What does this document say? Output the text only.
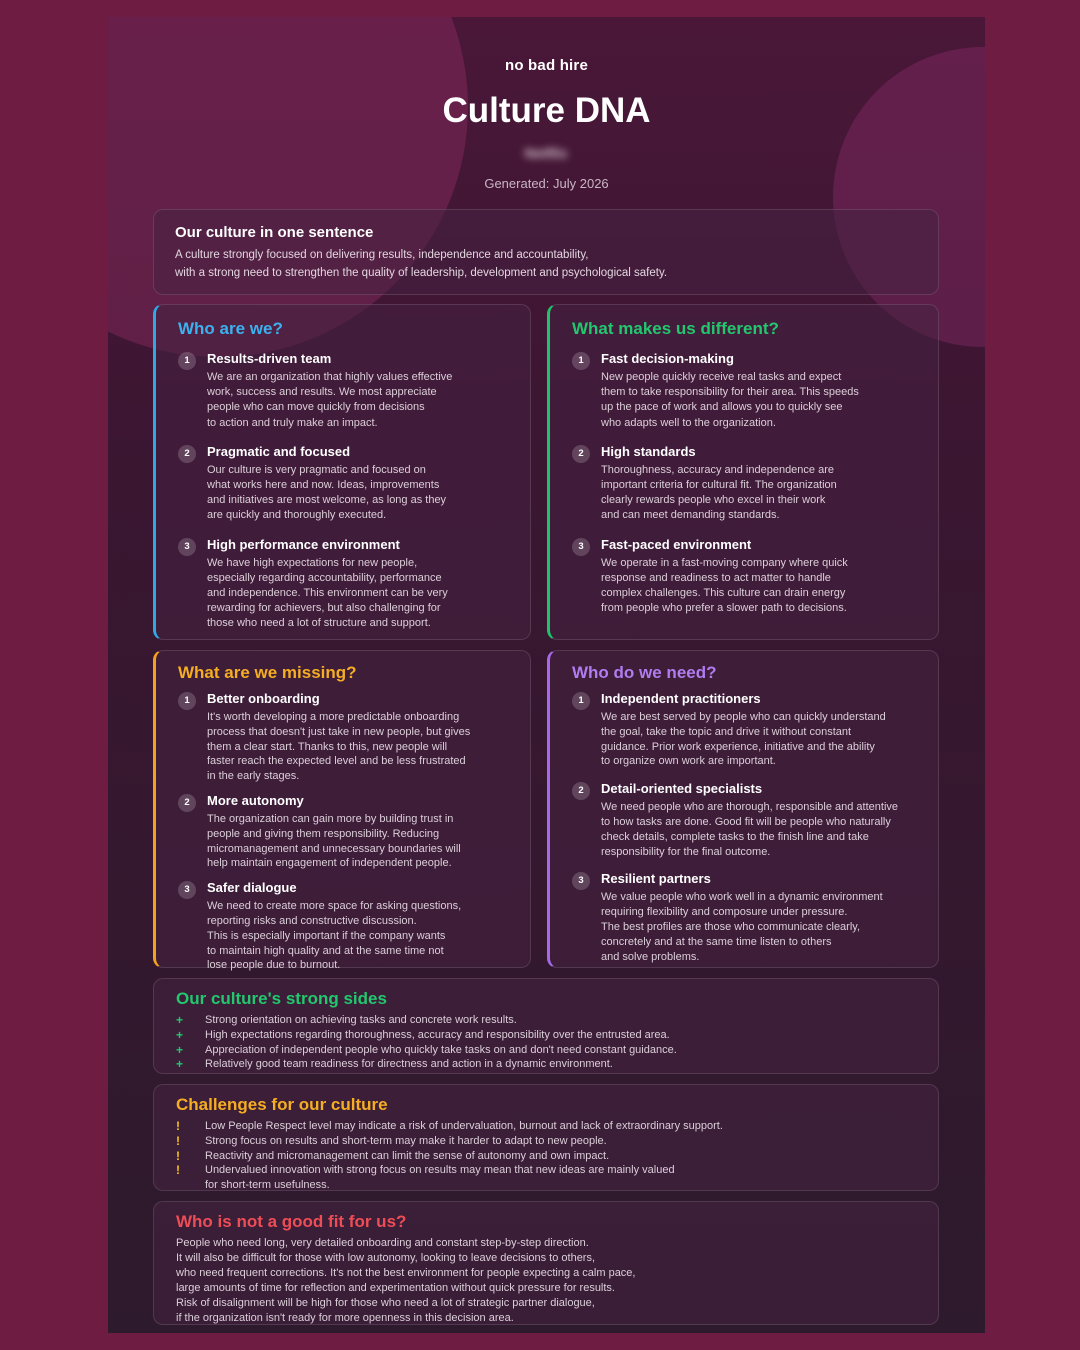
no bad hire
Culture DNA
Netflix
Generated: July 2026
Our culture in one sentence

A culture strongly focused on delivering results, independence and accountability,
with a strong need to strengthen the quality of leadership, development and psychological safety.

Who are we?
1	Results-driven team

We are an organization that highly values effective
work, success and results. We most appreciate
people who can move quickly from decisions
to action and truly make an impact.

2	Pragmatic and focused

Our culture is very pragmatic and focused on
what works here and now. Ideas, improvements
and initiatives are most welcome, as long as they
are quickly and thoroughly executed.

3	High performance environment

We have high expectations for new people,
especially regarding accountability, performance
and independence. This environment can be very
rewarding for achievers, but also challenging for
those who need a lot of structure and support.

What makes us different?
1	Fast decision-making

New people quickly receive real tasks and expect
them to take responsibility for their area. This speeds
up the pace of work and allows you to quickly see
who adapts well to the organization.

2	High standards

Thoroughness, accuracy and independence are
important criteria for cultural fit. The organization
clearly rewards people who excel in their work
and can meet demanding standards.

3	Fast-paced environment

We operate in a fast-moving company where quick
response and readiness to act matter to handle
complex challenges. This culture can drain energy
from people who prefer a slower path to decisions.

What are we missing?
1	Better onboarding

It's worth developing a more predictable onboarding
process that doesn't just take in new people, but gives
them a clear start. Thanks to this, new people will
faster reach the expected level and be less frustrated
in the early stages.

2	More autonomy

The organization can gain more by building trust in
people and giving them responsibility. Reducing
micromanagement and unnecessary boundaries will
help maintain engagement of independent people.

3	Safer dialogue

We need to create more space for asking questions,
reporting risks and constructive discussion.
This is especially important if the company wants
to maintain high quality and at the same time not
lose people due to burnout.

Who do we need?
1	Independent practitioners

We are best served by people who can quickly understand
the goal, take the topic and drive it without constant
guidance. Prior work experience, initiative and the ability
to organize own work are important.

2	Detail-oriented specialists

We need people who are thorough, responsible and attentive
to how tasks are done. Good fit will be people who naturally
check details, complete tasks to the finish line and take
responsibility for the final outcome.

3	Resilient partners

We value people who work well in a dynamic environment
requiring flexibility and composure under pressure.
The best profiles are those who communicate clearly,
concretely and at the same time listen to others
and solve problems.

Our culture's strong sides
+ Strong orientation on achieving tasks and concrete work results.
+ High expectations regarding thoroughness, accuracy and responsibility over the entrusted area.
+ Appreciation of independent people who quickly take tasks on and don't need constant guidance.
+ Relatively good team readiness for directness and action in a dynamic environment.
Challenges for our culture
! Low People Respect level may indicate a risk of undervaluation, burnout and lack of extraordinary support.
! Strong focus on results and short-term may make it harder to adapt to new people.
! Reactivity and micromanagement can limit the sense of autonomy and own impact.
! Undervalued innovation with strong focus on results may mean that new ideas are mainly valued
for short-term usefulness.
Who is not a good fit for us?

People who need long, very detailed onboarding and constant step-by-step direction.
It will also be difficult for those with low autonomy, looking to leave decisions to others,
who need frequent corrections. It's not the best environment for people expecting a calm pace,
large amounts of time for reflection and experimentation without quick pressure for results.
Risk of disalignment will be high for those who need a lot of strategic partner dialogue,
if the organization isn't ready for more openness in this decision area.
